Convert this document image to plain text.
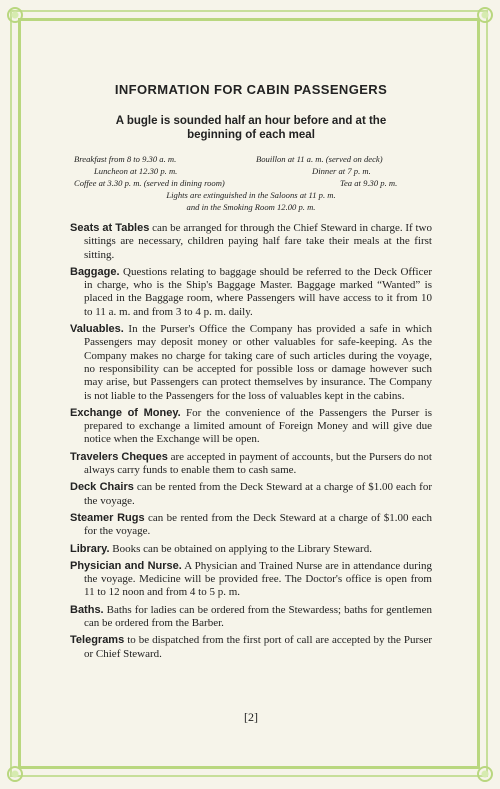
INFORMATION FOR CABIN PASSENGERS
A bugle is sounded half an hour before and at the
beginning of each meal
Breakfast from 8 to 9.30 a. m.	Bouillon at 11 a. m. (served on deck)
Luncheon at 12.30 p. m.	Dinner at 7 p. m.
Coffee at 3.30 p. m. (served in dining room)	Tea at 9.30 p. m.
Lights are extinguished in the Saloons at 11 p. m.
and in the Smoking Room 12.00 p. m.

Seats at Tables can be arranged for through the Chief Steward in charge. If two sittings are necessary, children paying half fare take their meals at the first sitting.

Baggage. Questions relating to baggage should be referred to the Deck Officer in charge, who is the Ship's Baggage Master. Baggage marked “Wanted” is placed in the Baggage room, where Passengers will have access to it from 10 to 11 a. m. and from 3 to 4 p. m. daily.

Valuables. In the Purser's Office the Company has provided a safe in which Passengers may deposit money or other valuables for safe-keeping. As the Company makes no charge for taking care of such articles during the voyage, no responsibility can be accepted for possible loss or damage however such may arise, but Passengers can protect themselves by insurance. The Company is not liable to the Passengers for the loss of valuables kept in the cabins.

Exchange of Money. For the convenience of the Passengers the Purser is prepared to exchange a limited amount of Foreign Money and will give due notice when the Exchange will be open.

Travelers Cheques are accepted in payment of accounts, but the Pursers do not always carry funds to enable them to cash same.

Deck Chairs can be rented from the Deck Steward at a charge of $1.00 each for the voyage.

Steamer Rugs can be rented from the Deck Steward at a charge of $1.00 each for the voyage.

Library. Books can be obtained on applying to the Library Steward.

Physician and Nurse. A Physician and Trained Nurse are in attendance during the voyage. Medicine will be provided free. The Doctor's office is open from 11 to 12 noon and from 4 to 5 p. m.

Baths. Baths for ladies can be ordered from the Stewardess; baths for gentlemen can be ordered from the Barber.

Telegrams to be dispatched from the first port of call are accepted by the Purser or Chief Steward.

[2]
